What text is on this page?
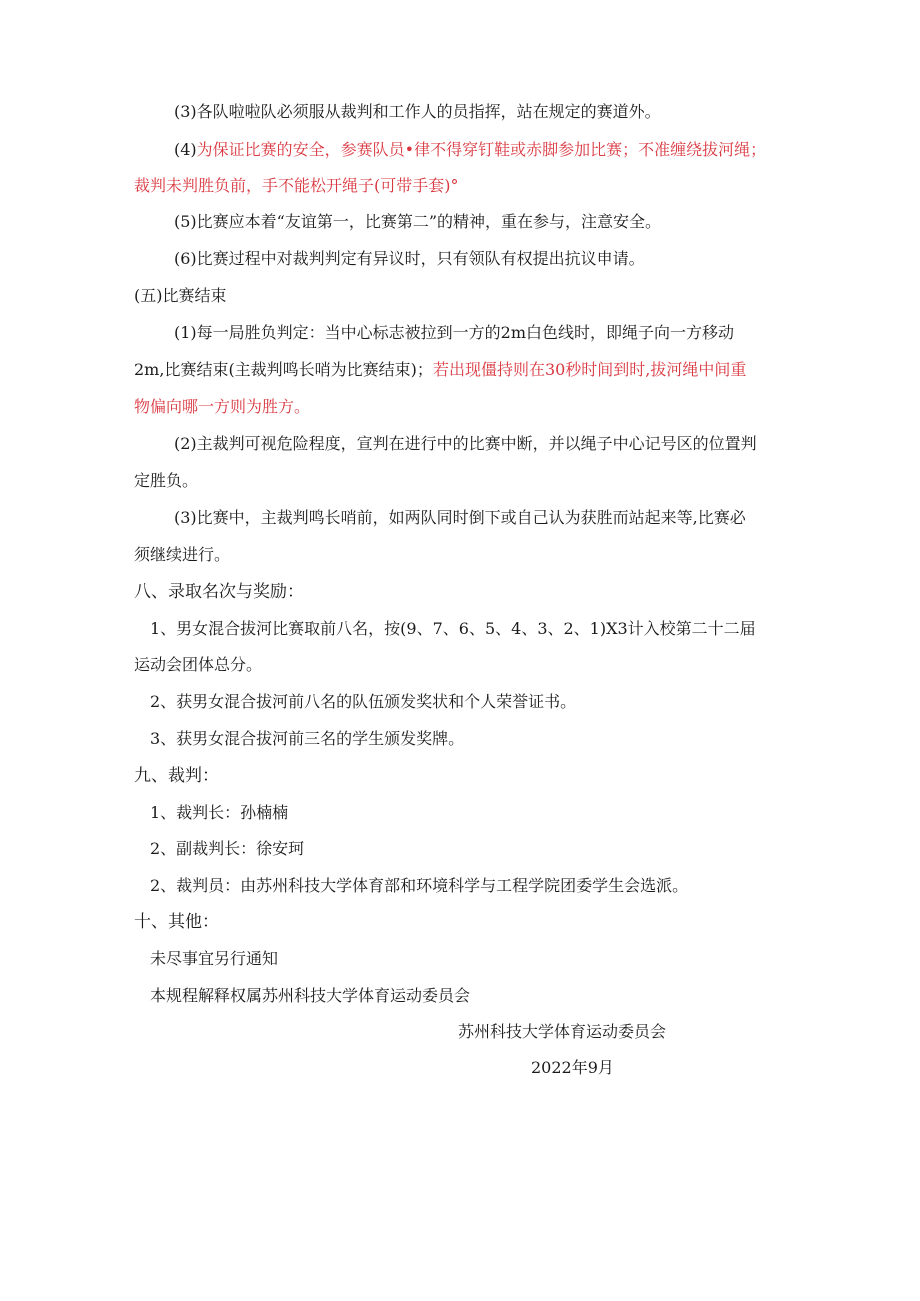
(3)各队啦啦队必须服从裁判和工作人的员指挥，站在规定的赛道外。
(4)为保证比赛的安全，参赛队员•律不得穿钉鞋或赤脚参加比赛；不准缠绕拔河绳；
裁判未判胜负前，手不能松开绳子(可带手套)°
(5)比赛应本着“友谊第一，比赛第二”的精神，重在参与，注意安全。
(6)比赛过程中对裁判判定有异议时，只有领队有权提出抗议申请。
(五)比赛结束
(1)每一局胜负判定：当中心标志被拉到一方的2m白色线时，即绳子向一方移动
2m,比赛结束(主裁判鸣长哨为比赛结束)；若出现僵持则在30秒时间到时,拔河绳中间重
物偏向哪一方则为胜方。
(2)主裁判可视危险程度，宣判在进行中的比赛中断，并以绳子中心记号区的位置判
定胜负。
(3)比赛中，主裁判鸣长哨前，如两队同时倒下或自己认为获胜而站起来等,比赛必
须继续进行。
八、录取名次与奖励：
1、男女混合拔河比赛取前八名，按(9、7、6、5、4、3、2、1)X3计入校第二十二届
运动会团体总分。
2、获男女混合拔河前八名的队伍颁发奖状和个人荣誉证书。
3、获男女混合拔河前三名的学生颁发奖牌。
九、裁判：
1、裁判长：孙楠楠
2、副裁判长：徐安珂
2、裁判员：由苏州科技大学体育部和环境科学与工程学院团委学生会选派。
十、其他：
未尽事宜另行通知
本规程解释权属苏州科技大学体育运动委员会
苏州科技大学体育运动委员会
2022年9月
